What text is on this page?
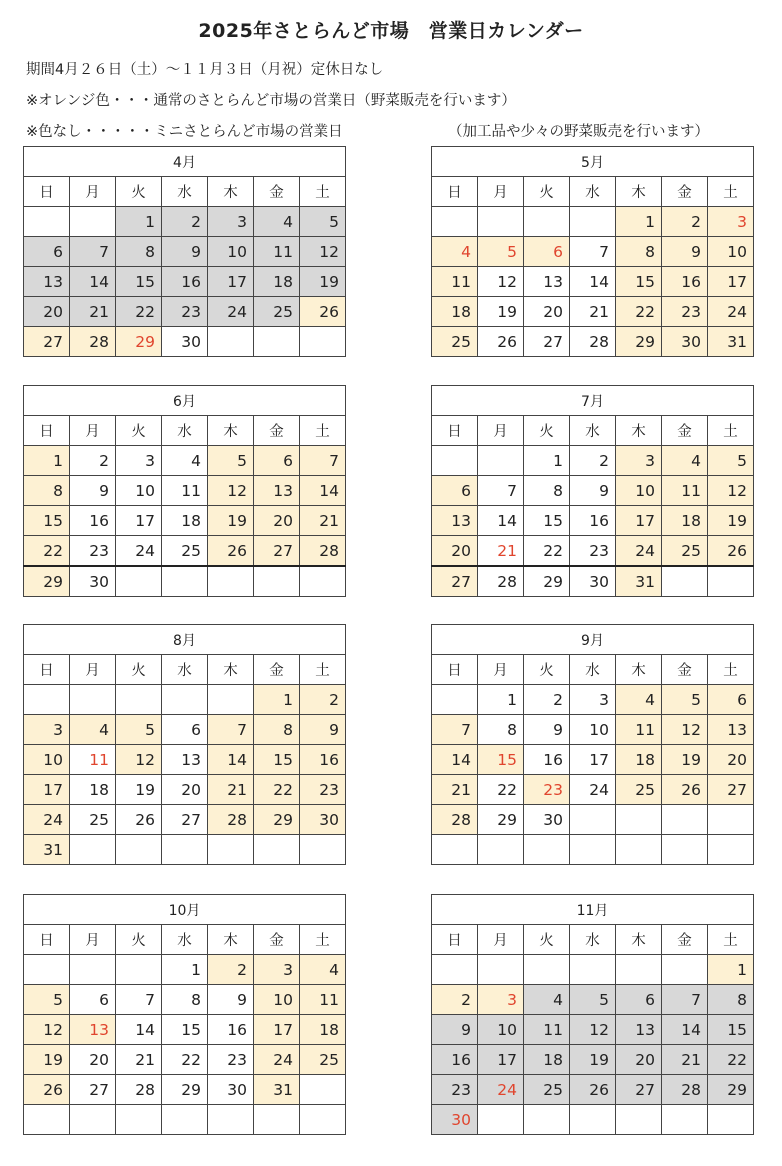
2025年さとらんど市場　営業日カレンダー
期間4月２６日（土）～１１月３日（月祝）定休日なし
※オレンジ色・・・通常のさとらんど市場の営業日（野菜販売を行います）
※色なし・・・・・ミニさとらんど市場の営業日	（加工品や少々の野菜販売を行います）
4月						
日	月	火	水	木	金	土
		1	2	3	4	5
6	7	8	9	10	11	12
13	14	15	16	17	18	19
20	21	22	23	24	25	26
27	28	29	30			
5月						
日	月	火	水	木	金	土
				1	2	3
4	5	6	7	8	9	10
11	12	13	14	15	16	17
18	19	20	21	22	23	24
25	26	27	28	29	30	31
6月						
日	月	火	水	木	金	土
1	2	3	4	5	6	7
8	9	10	11	12	13	14
15	16	17	18	19	20	21
22	23	24	25	26	27	28
29	30					
7月						
日	月	火	水	木	金	土
		1	2	3	4	5
6	7	8	9	10	11	12
13	14	15	16	17	18	19
20	21	22	23	24	25	26
27	28	29	30	31		
8月						
日	月	火	水	木	金	土
					1	2
3	4	5	6	7	8	9
10	11	12	13	14	15	16
17	18	19	20	21	22	23
24	25	26	27	28	29	30
31						
9月						
日	月	火	水	木	金	土
	1	2	3	4	5	6
7	8	9	10	11	12	13
14	15	16	17	18	19	20
21	22	23	24	25	26	27
28	29	30				

10月						
日	月	火	水	木	金	土
			1	2	3	4
5	6	7	8	9	10	11
12	13	14	15	16	17	18
19	20	21	22	23	24	25
26	27	28	29	30	31	

11月						
日	月	火	水	木	金	土
						1
2	3	4	5	6	7	8
9	10	11	12	13	14	15
16	17	18	19	20	21	22
23	24	25	26	27	28	29
30						
